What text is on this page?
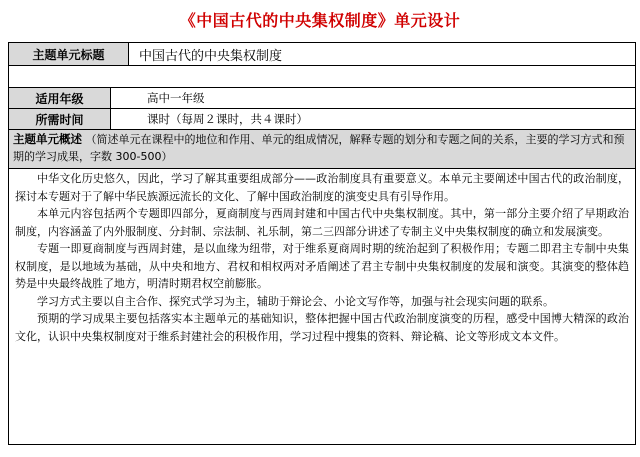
《中国古代的中央集权制度》单元设计
主题单元标题	中国古代的中央集权制度
适用年级	高中一年级
所需时间	课时（每周２课时，共４课时）
主题单元概述 （简述单元在课程中的地位和作用、单元的组成情况，解释专题的划分和专题之间的关系，主要的学习方式和预期的学习成果，字数 300-500）

中华文化历史悠久，因此，学习了解其重要组成部分——政治制度具有重要意义。本单元主要阐述中国古代的政治制度，探讨本专题对于了解中华民族源远流长的文化、了解中国政治制度的演变史具有引导作用。

本单元内容包括两个专题即四部分，夏商制度与西周封建和中国古代中央集权制度。其中，第一部分主要介绍了早期政治制度，内容涵盖了内外服制度、分封制、宗法制、礼乐制，第二三四部分讲述了专制主义中央集权制度的确立和发展演变。

专题一即夏商制度与西周封建，是以血缘为纽带，对于维系夏商周时期的统治起到了积极作用；专题二即君主专制中央集权制度，是以地域为基础，从中央和地方、君权和相权两对矛盾阐述了君主专制中央集权制度的发展和演变。其演变的整体趋势是中央最终战胜了地方，明清时期君权空前膨胀。

学习方式主要以自主合作、探究式学习为主，辅助于辩论会、小论文写作等，加强与社会现实问题的联系。

预期的学习成果主要包括落实本主题单元的基础知识，整体把握中国古代政治制度演变的历程，感受中国博大精深的政治文化，认识中央集权制度对于维系封建社会的积极作用，学习过程中搜集的资料、辩论稿、论文等形成文本文件。
